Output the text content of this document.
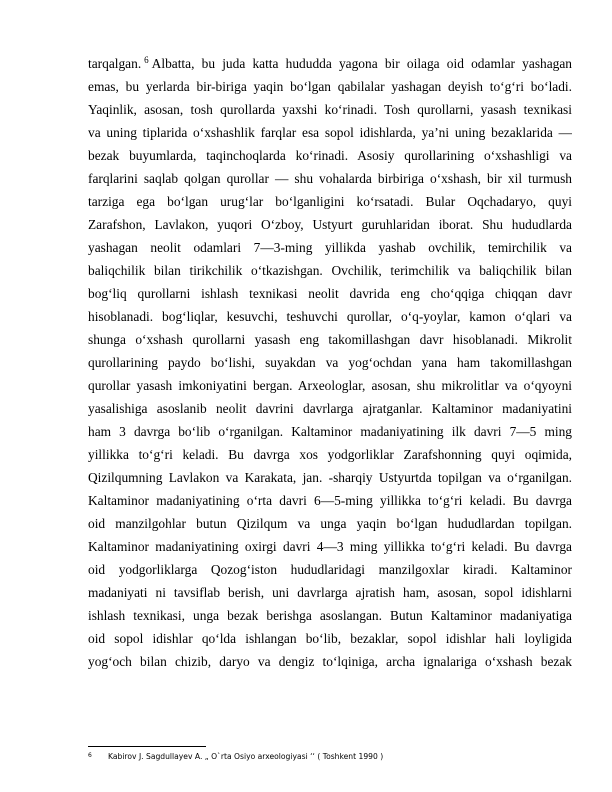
tarqalgan. $^6$ Albatta, bu juda katta hududda yagona bir oilaga oid odamlar yashagan
emas, bu yerlarda bir-biriga yaqin bo‘lgan qabilalar yashagan deyish to‘g‘ri bo‘ladi.
Yaqinlik, asosan, tosh qurollarda yaxshi ko‘rinadi. Tosh qurollarni, yasash texnikasi
va uning tiplarida o‘xshashlik farqlar esa sopol idishlarda, ya’ni uning bezaklarida —
bezak buyumlarda, taqinchoqlarda ko‘rinadi. Asosiy qurollarining o‘xshashligi va
farqlarini saqlab qolgan qurollar — shu vohalarda birbiriga o‘xshash, bir xil turmush
tarziga ega bo‘lgan urug‘lar bo‘lganligini ko‘rsatadi. Bular Oqchadaryo, quyi
Zarafshon, Lavlakon, yuqori O‘zboy, Ustyurt guruhlaridan iborat. Shu hududlarda
yashagan neolit odamlari 7—3-ming yillikda yashab ovchilik, temirchilik va
baliqchilik bilan tirikchilik o‘tkazishgan. Ovchilik, terimchilik va baliqchilik bilan
bog‘liq qurollarni ishlash texnikasi neolit davrida eng cho‘qqiga chiqqan davr
hisoblanadi. bog‘liqlar, kesuvchi, teshuvchi qurollar, o‘q-yoylar, kamon o‘qlari va
shunga o‘xshash qurollarni yasash eng takomillashgan davr hisoblanadi. Mikrolit
qurollarining paydo bo‘lishi, suyakdan va yog‘ochdan yana ham takomillashgan
qurollar yasash imkoniyatini bergan. Arxeologlar, asosan, shu mikrolitlar va o‘qyoyni
yasalishiga asoslanib neolit davrini davrlarga ajratganlar. Kaltaminor madaniyatini
ham 3 davrga bo‘lib o‘rganilgan. Kaltaminor madaniyatining ilk davri 7—5 ming
yillikka to‘g‘ri keladi. Bu davrga xos yodgorliklar Zarafshonning quyi oqimida,
Qizilqumning Lavlakon va Karakata, jan. -sharqiy Ustyurtda topilgan va o‘rganilgan.
Kaltaminor madaniyatining o‘rta davri 6—5-ming yillikka to‘g‘ri keladi. Bu davrga
oid manzilgohlar butun Qizilqum va unga yaqin bo‘lgan hududlardan topilgan.
Kaltaminor madaniyatining oxirgi davri 4—3 ming yillikka to‘g‘ri keladi. Bu davrga
oid yodgorliklarga Qozog‘iston hududlaridagi manzilgoxlar kiradi. Kaltaminor
madaniyati ni tavsiflab berish, uni davrlarga ajratish ham, asosan, sopol idishlarni
ishlash texnikasi, unga bezak berishga asoslangan. Butun Kaltaminor madaniyatiga
oid sopol idishlar qo‘lda ishlangan bo‘lib, bezaklar, sopol idishlar hali loyligida
yog‘och bilan chizib, daryo va dengiz to‘lqiniga, archa ignalariga o‘xshash bezak
6 Kabirov J. Sagdullayev A. „ O`rta Osiyo arxeologiyasi ‘‘ ( Toshkent 1990 )
